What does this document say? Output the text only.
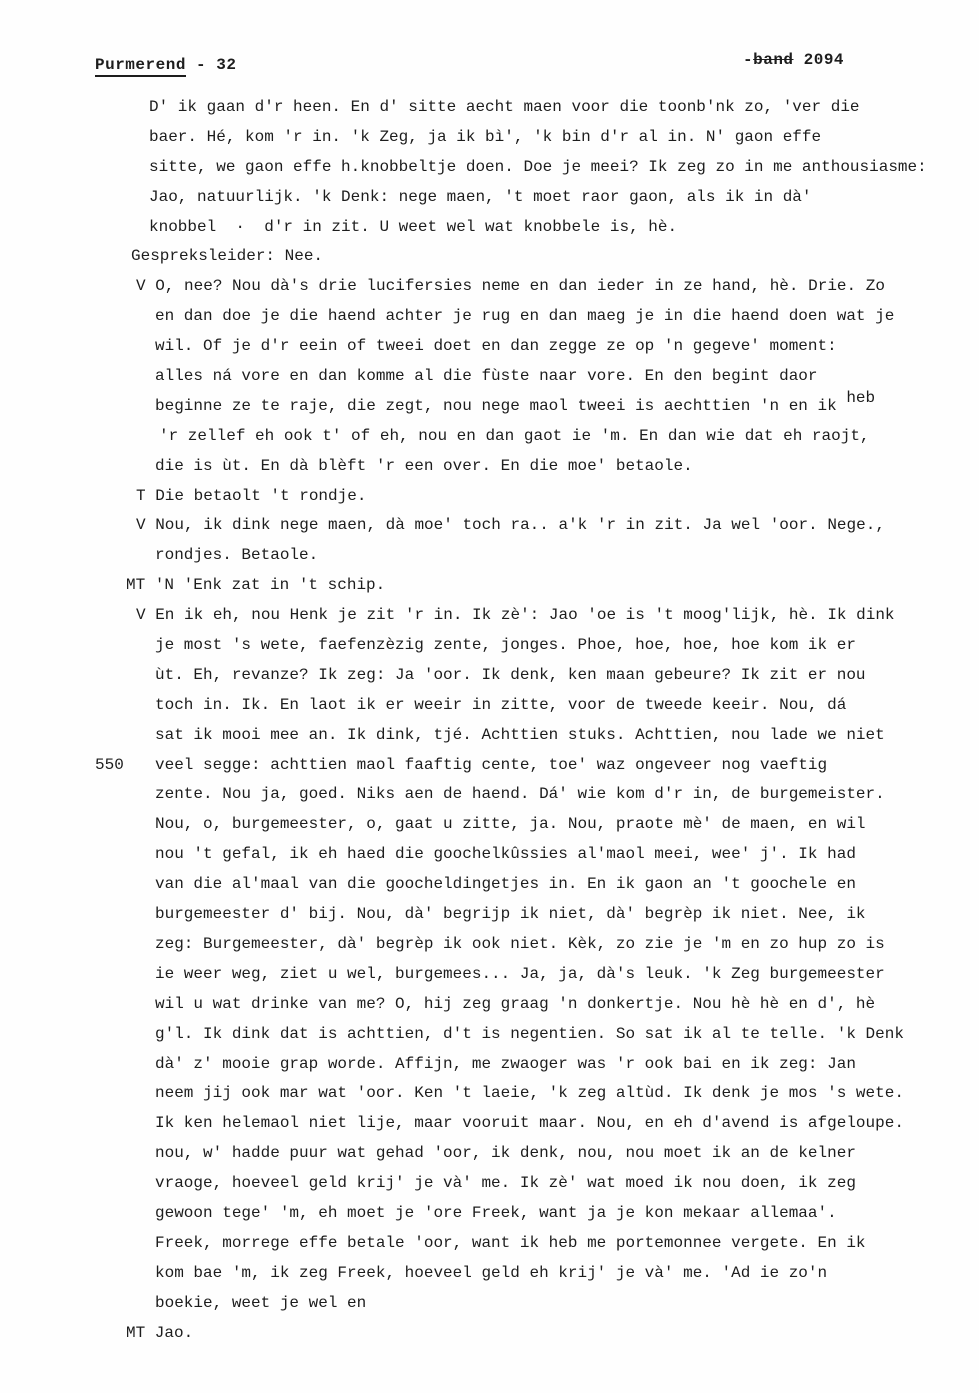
Purmerend - 32	-band 2094
D' ik gaan d'r heen. En d' sitte aecht maen voor die toonb'nk zo, 'ver die
baer. Hé, kom 'r in. 'k Zeg, ja ik bì', 'k bin d'r al in. N' gaon effe
sitte, we gaon effe h.knobbeltje doen. Doe je meei? Ik zeg zo in me anthousiasme:
Jao, natuurlijk. 'k Denk: nege maen, 't moet raor gaon, als ik in dà'
knobbel  ·  d'r in zit. U weet wel wat knobbele is, hè.
Gespreksleider: Nee.
V O, nee? Nou dà's drie lucifersies neme en dan ieder in ze hand, hè. Drie. Zo
en dan doe je die haend achter je rug en dan maeg je in die haend doen wat je
wil. Of je d'r eein of tweei doet en dan zegge ze op 'n gegeve' moment:
alles ná vore en dan komme al die fùste naar vore. En den begint daor
beginne ze te raje, die zegt, nou nege maol tweei is aechttien 'n en ik heb
'r zellef eh ook t' of eh, nou en dan gaot ie 'm. En dan wie dat eh raojt,
die is ùt. En dà blèft 'r een over. En die moe' betaole.
T Die betaolt 't rondje.
V Nou, ik dink nege maen, dà moe' toch ra.. a'k 'r in zit. Ja wel 'oor. Nege.,
rondjes. Betaole.
MT 'N 'Enk zat in 't schip.
V En ik eh, nou Henk je zit 'r in. Ik zè': Jao 'oe is 't moog'lijk, hè. Ik dink
je most 's wete, faefenzèzig zente, jonges. Phoe, hoe, hoe, hoe kom ik er
ùt. Eh, revanze? Ik zeg: Ja 'oor. Ik denk, ken maan gebeure? Ik zit er nou
toch in. Ik. En laot ik er weeir in zitte, voor de tweede keeir. Nou, dá
sat ik mooi mee an. Ik dink, tjé. Achttien stuks. Achttien, nou lade we niet
550 veel segge: achttien maol faaftig cente, toe' waz ongeveer nog vaeftig
zente. Nou ja, goed. Niks aen de haend. Dá' wie kom d'r in, de burgemeister.
Nou, o, burgemeester, o, gaat u zitte, ja. Nou, praote mè' de maen, en wil
nou 't gefal, ik eh haed die goochelkûssies al'maol meei, wee' j'. Ik had
van die al'maal van die goocheldingetjes in. En ik gaon an 't goochele en
burgemeester d' bij. Nou, dà' begrijp ik niet, dà' begrèp ik niet. Nee, ik
zeg: Burgemeester, dà' begrèp ik ook niet. Kèk, zo zie je 'm en zo hup zo is
ie weer weg, ziet u wel, burgemees... Ja, ja, dà's leuk. 'k Zeg burgemeester
wil u wat drinke van me? O, hij zeg graag 'n donkertje. Nou hè hè en d', hè
g'l. Ik dink dat is achttien, d't is negentien. So sat ik al te telle. 'k Denk
dà' z' mooie grap worde. Affijn, me zwaoger was 'r ook bai en ik zeg: Jan
neem jij ook mar wat 'oor. Ken 't laeie, 'k zeg altùd. Ik denk je mos 's wete.
Ik ken helemaol niet lije, maar vooruit maar. Nou, en eh d'avend is afgeloupe.
nou, w' hadde puur wat gehad 'oor, ik denk, nou, nou moet ik an de kelner
vraoge, hoeveel geld krij' je và' me. Ik zè' wat moed ik nou doen, ik zeg
gewoon tege' 'm, eh moet je 'ore Freek, want ja je kon mekaar allemaa'.
Freek, morrege effe betale 'oor, want ik heb me portemonnee vergete. En ik
kom bae 'm, ik zeg Freek, hoeveel geld eh krij' je và' me. 'Ad ie zo'n
boekie, weet je wel en
MT Jao.
